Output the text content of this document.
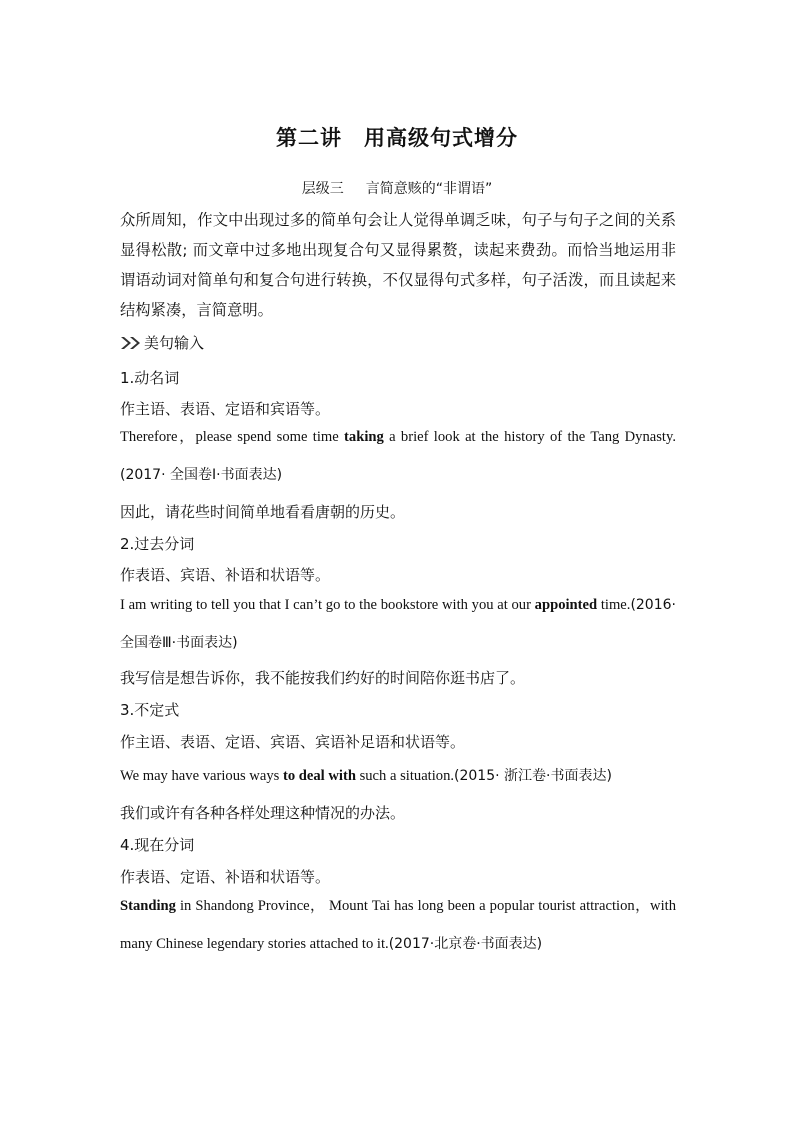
第二讲 用高级句式增分
层级三 言简意赅的“非谓语”
众所周知，作文中出现过多的简单句会让人觉得单调乏味，句子与句子之间的关系显得松散; 而文章中过多地出现复合句又显得累赘，读起来费劲。而恰当地运用非谓语动词对简单句和复合句进行转换，不仅显得句式多样，句子活泼，而且读起来结构紧凑，言简意明。
美句输入
1.动名词
作主语、表语、定语和宾语等。
Therefore，please spend some time taking a brief look at the history of the Tang Dynasty.(2017· 全国卷Ⅰ·书面表达)
因此，请花些时间简单地看看唐朝的历史。
2.过去分词
作表语、宾语、补语和状语等。
I am writing to tell you that I can’t go to the bookstore with you at our appointed time.(2016· 全国卷Ⅲ·书面表达)
我写信是想告诉你，我不能按我们约好的时间陪你逛书店了。
3.不定式
作主语、表语、定语、宾语、宾语补足语和状语等。
We may have various ways to deal with such a situation.(2015· 浙江卷·书面表达)
我们或许有各种各样处理这种情况的办法。
4.现在分词
作表语、定语、补语和状语等。
Standing in Shandong Province， Mount Tai has long been a popular tourist attraction，with many Chinese legendary stories attached to it.(2017·北京卷·书面表达)
